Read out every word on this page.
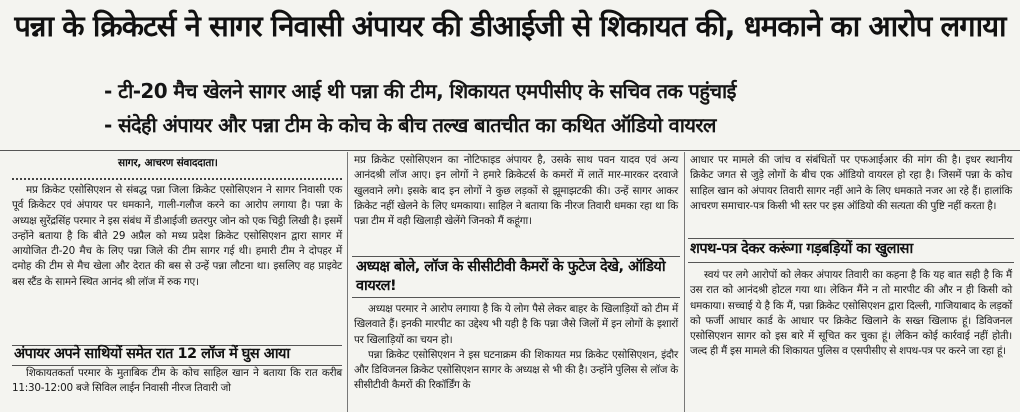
पन्ना के क्रिकेटर्स ने सागर निवासी अंपायर की डीआईजी से शिकायत की, धमकाने का आरोप लगाया
- टी-20 मैच खेलने सागर आई थी पन्ना की टीम, शिकायत एमपीसीए के सचिव तक पहुंचाई
- संदेही अंपायर और पन्ना टीम के कोच के बीच तल्ख बातचीत का कथित ऑडियो वायरल
सागर, आचरण संवाददाता।

मप्र क्रिकेट एसोसिएशन से संबद्ध पन्ना जिला क्रिकेट एसोसिएशन ने सागर निवासी एक पूर्व क्रिकेटर एवं अंपायर पर धमकाने, गाली-गलौज करने का आरोप लगाया है। पन्ना के अध्यक्ष सुरेंद्रसिंह परमार ने इस संबंध में डीआईजी छतरपुर जोन को एक चिट्ठी लिखी है। इसमें उन्होंने बताया है कि बीते 29 अप्रैल को मध्य प्रदेश क्रिकेट एसोसिएशन द्वारा सागर में आयोजित टी-20 मैच के लिए पन्ना जिले की टीम सागर गई थी। हमारी टीम ने दोपहर में दमोह की टीम से मैच खेला और देरात की बस से उन्हें पन्ना लौटना था। इसलिए वह प्राइवेट बस स्टैंड के सामने स्थित आनंद श्री लॉज में रुक गए।

अंपायर अपने साथियों समेत रात 12 लॉज में घुस आया

शिकायतकर्ता परमार के मुताबिक टीम के कोच साहिल खान ने बताया कि रात करीब 11:30-12:00 बजे सिविल लाईन निवासी नीरज तिवारी जो

मप्र क्रिकेट एसोसिएशन का नोटिफाइड अंपायर है, उसके साथ पवन यादव एवं अन्य आनंदश्री लॉज आए। इन लोगों ने हमारे क्रिकेटर्स के कमरों में लातें मार-मारकर दरवाजे खुलवाने लगे। इसके बाद इन लोगों ने कुछ लड़कों से झूमाझटकी की। उन्हें सागर आकर क्रिकेट नहीं खेलने के लिए धमकाया। साहिल ने बताया कि नीरज तिवारी धमका रहा था कि पन्ना टीम में वही खिलाड़ी खेलेंगे जिनको मैं कहूंगा।

अध्यक्ष बोले, लॉज के सीसीटीवी कैमरों के फुटेज देखे, ऑडियो वायरल!

अध्यक्ष परमार ने आरोप लगाया है कि ये लोग पैसे लेकर बाहर के खिलाड़ियों को टीम में खिलवाते हैं। इनकी मारपीट का उद्देश्य भी यही है कि पन्ना जैसे जिलों में इन लोगों के इशारों पर खिलाड़ियों का चयन हो।

पन्ना क्रिकेट एसोसिएशन ने इस घटनाक्रम की शिकायत मप्र क्रिकेट एसोसिएशन, इंदौर और डिविजनल क्रिकेट एसोसिएशन सागर के अध्यक्ष से भी की है। उन्होंने पुलिस से लॉज के सीसीटीवी कैमरों की रिकॉर्डिंग के

आधार पर मामले की जांच व संबंधितों पर एफआईआर की मांग की है। इधर स्थानीय क्रिकेट जगत से जुड़े लोगों के बीच एक ऑडियो वायरल हो रहा है। जिसमें पन्ना के कोच साहिल खान को अंपायर तिवारी सागर नहीं आने के लिए धमकाते नजर आ रहे हैं। हालांकि आचरण समाचार-पत्र किसी भी स्तर पर इस ऑडियो की सत्यता की पुष्टि नहीं करता है।

शपथ-पत्र देकर करूंगा गड़बड़ियों का खुलासा

स्वयं पर लगे आरोपों को लेकर अंपायर तिवारी का कहना है कि यह बात सही है कि मैं उस रात को आनंदश्री होटल गया था। लेकिन मैंने न तो मारपीट की और न ही किसी को धमकाया। सच्चाई ये है कि मैं, पन्ना क्रिकेट एसोसिएशन द्वारा दिल्ली, गाजियाबाद के लड़कों को फर्जी आधार कार्ड के आधार पर क्रिकेट खिलाने के सख्त खिलाफ हूं। डिविजनल एसोसिएशन सागर को इस बारे में सूचित कर चुका हूं। लेकिन कोई कार्रवाई नहीं होती। जल्द ही मैं इस मामले की शिकायत पुलिस व एसपीसीए से शपथ-पत्र पर करने जा रहा हूं।
